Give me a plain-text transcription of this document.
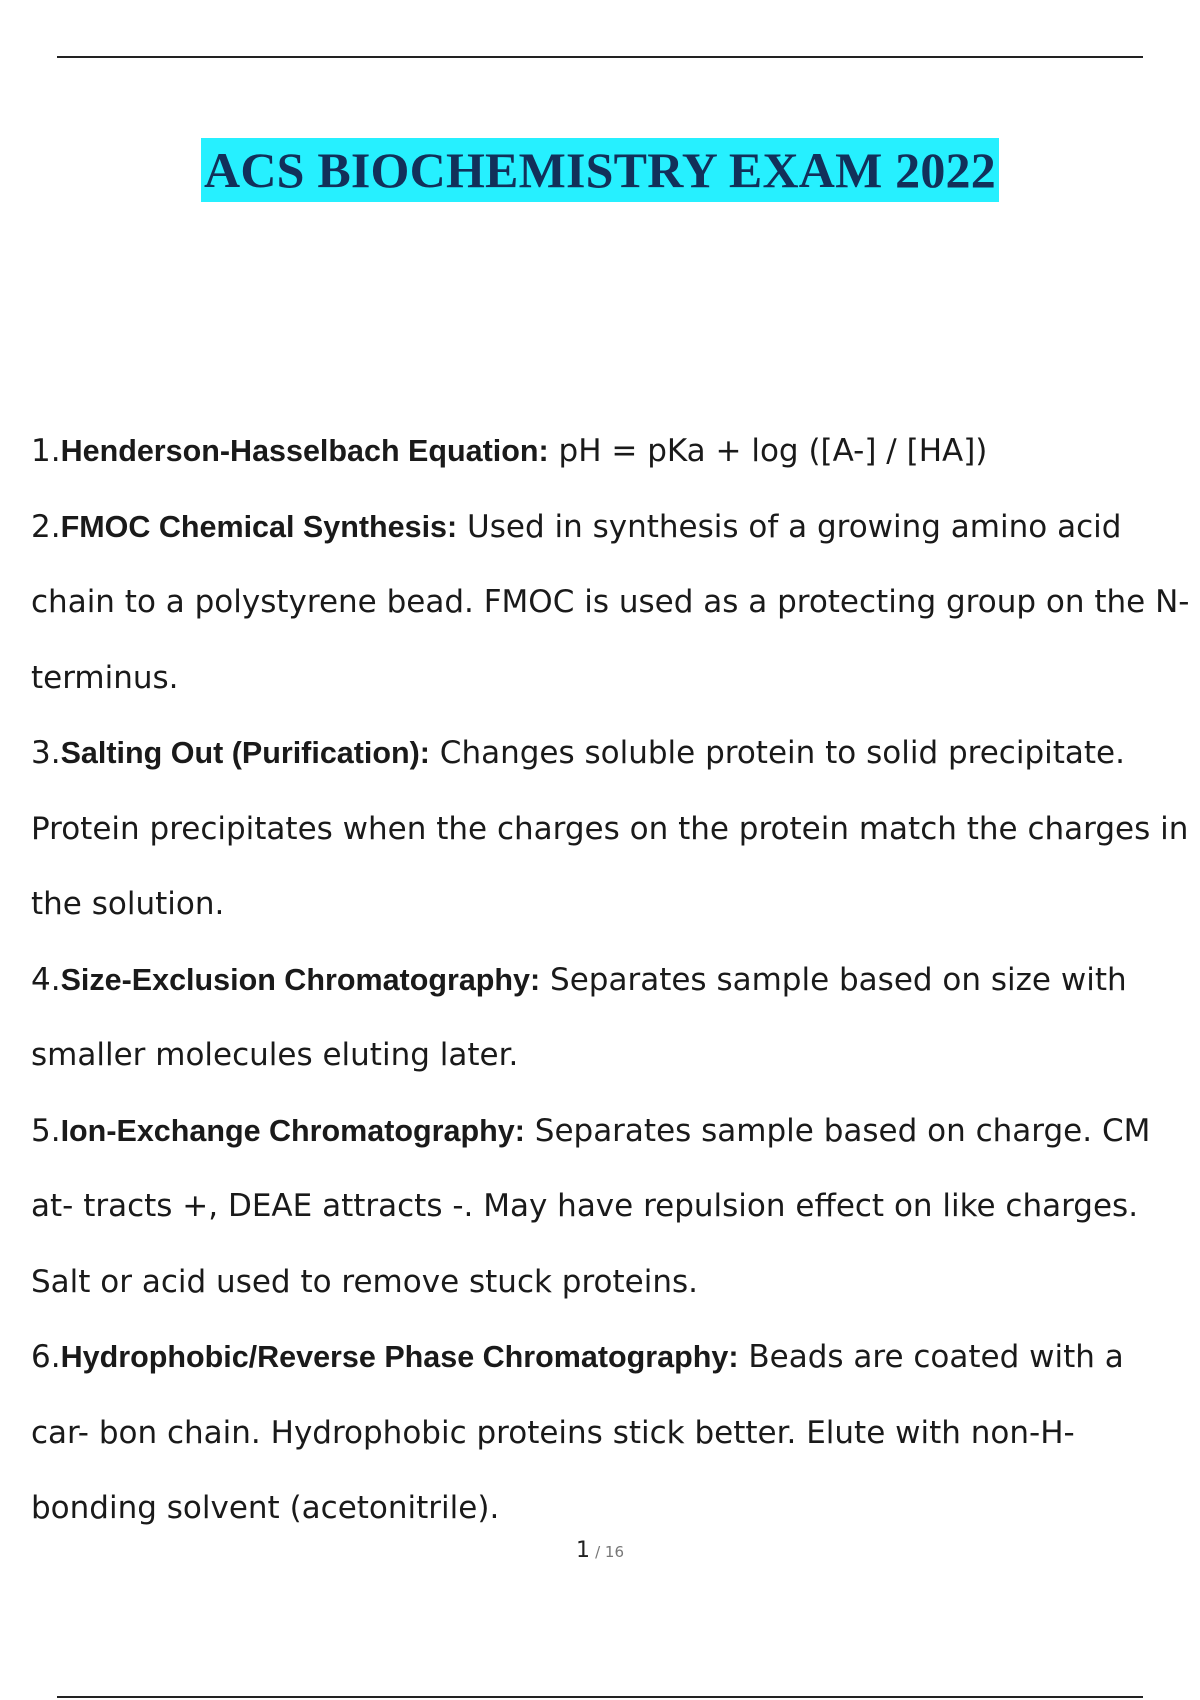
ACS BIOCHEMISTRY EXAM 2022
1.Henderson-Hasselbach Equation: pH = pKa + log ([A-] / [HA])
2.FMOC Chemical Synthesis: Used in synthesis of a growing amino acid chain to a polystyrene bead. FMOC is used as a protecting group on the N-terminus.
3.Salting Out (Purification): Changes soluble protein to solid precipitate. Protein precipitates when the charges on the protein match the charges in the solution.
4.Size-Exclusion Chromatography: Separates sample based on size with smaller molecules eluting later.
5.Ion-Exchange Chromatography: Separates sample based on charge. CM at- tracts +, DEAE attracts -. May have repulsion effect on like charges. Salt or acid used to remove stuck proteins.
6.Hydrophobic/Reverse Phase Chromatography: Beads are coated with a car- bon chain. Hydrophobic proteins stick better. Elute with non-H-bonding solvent (acetonitrile).
1 / 16
